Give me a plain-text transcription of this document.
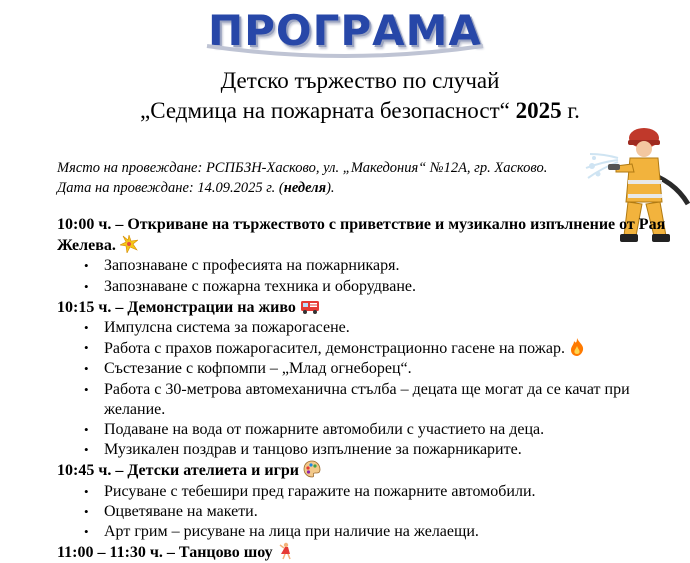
ПРОГРАМА
Детско тържество по случай
„Седмица на пожарната безопасност“ 2025 г.
Място на провеждане: РСПБЗН-Хасково, ул. „Македония“ №12А, гр. Хасково.
Дата на провеждане: 14.09.2025 г. (неделя).
10:00 ч. – Откриване на тържеството с приветствие и музикално изпълнение от Рая Желева.
• Запознаване с професията на пожарникаря.
• Запознаване с пожарна техника и оборудване.
10:15 ч. – Демонстрации на живо
• Импулсна система за пожарогасене.
• Работа с прахов пожарогасител, демонстрационно гасене на пожар.
• Състезание с кофпомпи – „Млад огнеборец“.
• Работа с 30-метрова автомеханична стълба – децата ще могат да се качат при желание.
• Подаване на вода от пожарните автомобили с участието на деца.
• Музикален поздрав и танцово изпълнение за пожарникарите.
10:45 ч. – Детски ателиета и игри
• Рисуване с тебешири пред гаражите на пожарните автомобили.
• Оцветяване на макети.
• Арт грим – рисуване на лица при наличие на желаещи.
11:00 – 11:30 ч. – Танцово шоу
